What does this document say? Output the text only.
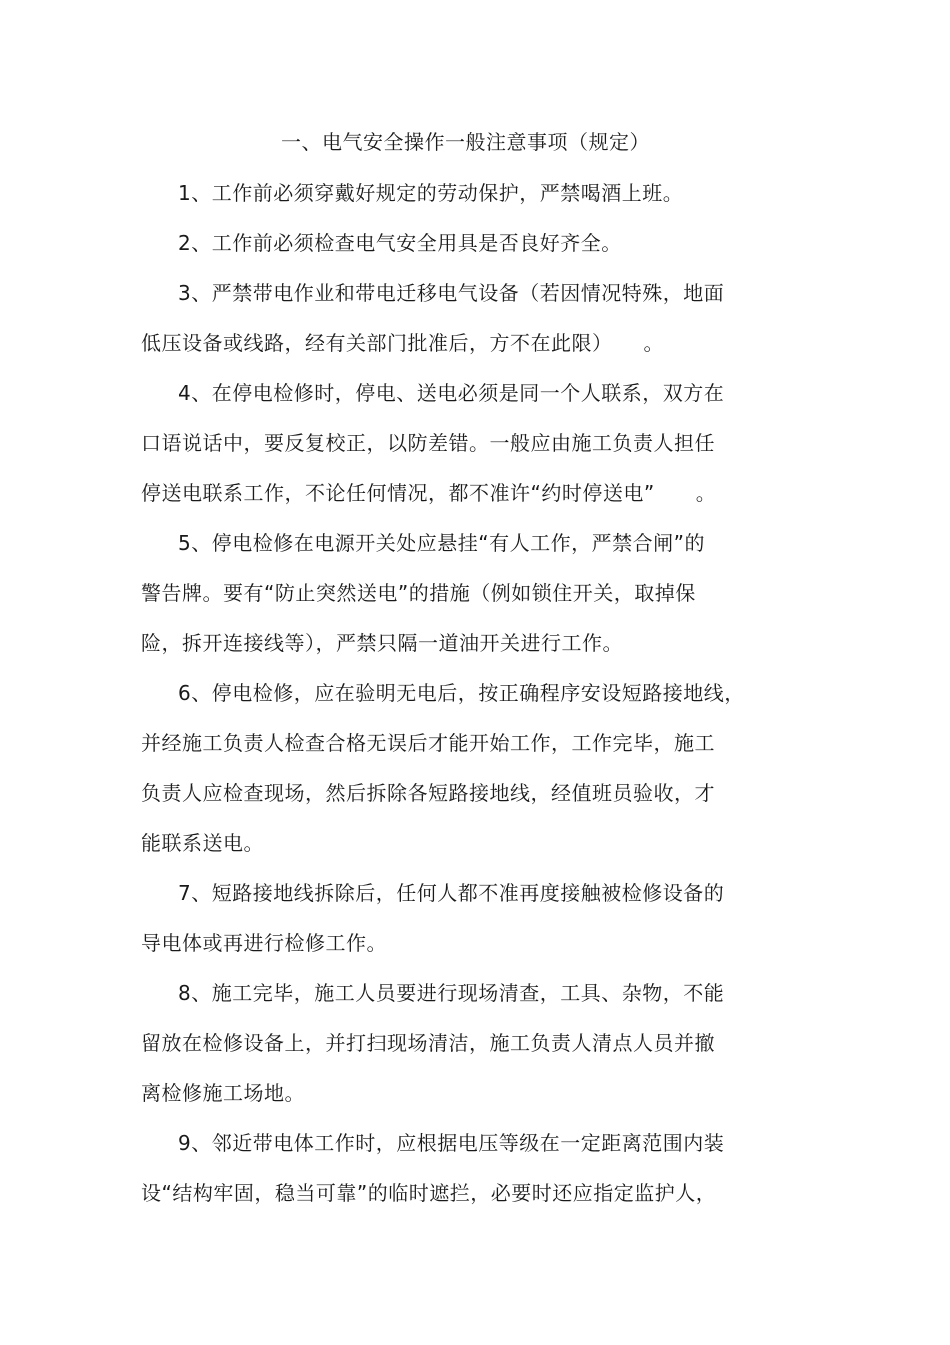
一、电气安全操作一般注意事项（规定）
1、工作前必须穿戴好规定的劳动保护，严禁喝酒上班。
2、工作前必须检查电气安全用具是否良好齐全。
3、严禁带电作业和带电迁移电气设备（若因情况特殊，地面
低压设备或线路，经有关部门批准后，方不在此限）　　。
4、在停电检修时，停电、送电必须是同一个人联系，双方在
口语说话中，要反复校正，以防差错。一般应由施工负责人担任
停送电联系工作，不论任何情况，都不准许“约时停送电”　　。
5、停电检修在电源开关处应悬挂“有人工作，严禁合闸”的
警告牌。要有“防止突然送电”的措施（例如锁住开关，取掉保
险，拆开连接线等），严禁只隔一道油开关进行工作。
6、停电检修，应在验明无电后，按正确程序安设短路接地线，
并经施工负责人检查合格无误后才能开始工作，工作完毕，施工
负责人应检查现场，然后拆除各短路接地线，经值班员验收，才
能联系送电。
7、短路接地线拆除后，任何人都不准再度接触被检修设备的
导电体或再进行检修工作。
8、施工完毕，施工人员要进行现场清查，工具、杂物，不能
留放在检修设备上，并打扫现场清洁，施工负责人清点人员并撤
离检修施工场地。
9、邻近带电体工作时，应根据电压等级在一定距离范围内装
设“结构牢固，稳当可靠”的临时遮拦，必要时还应指定监护人，
